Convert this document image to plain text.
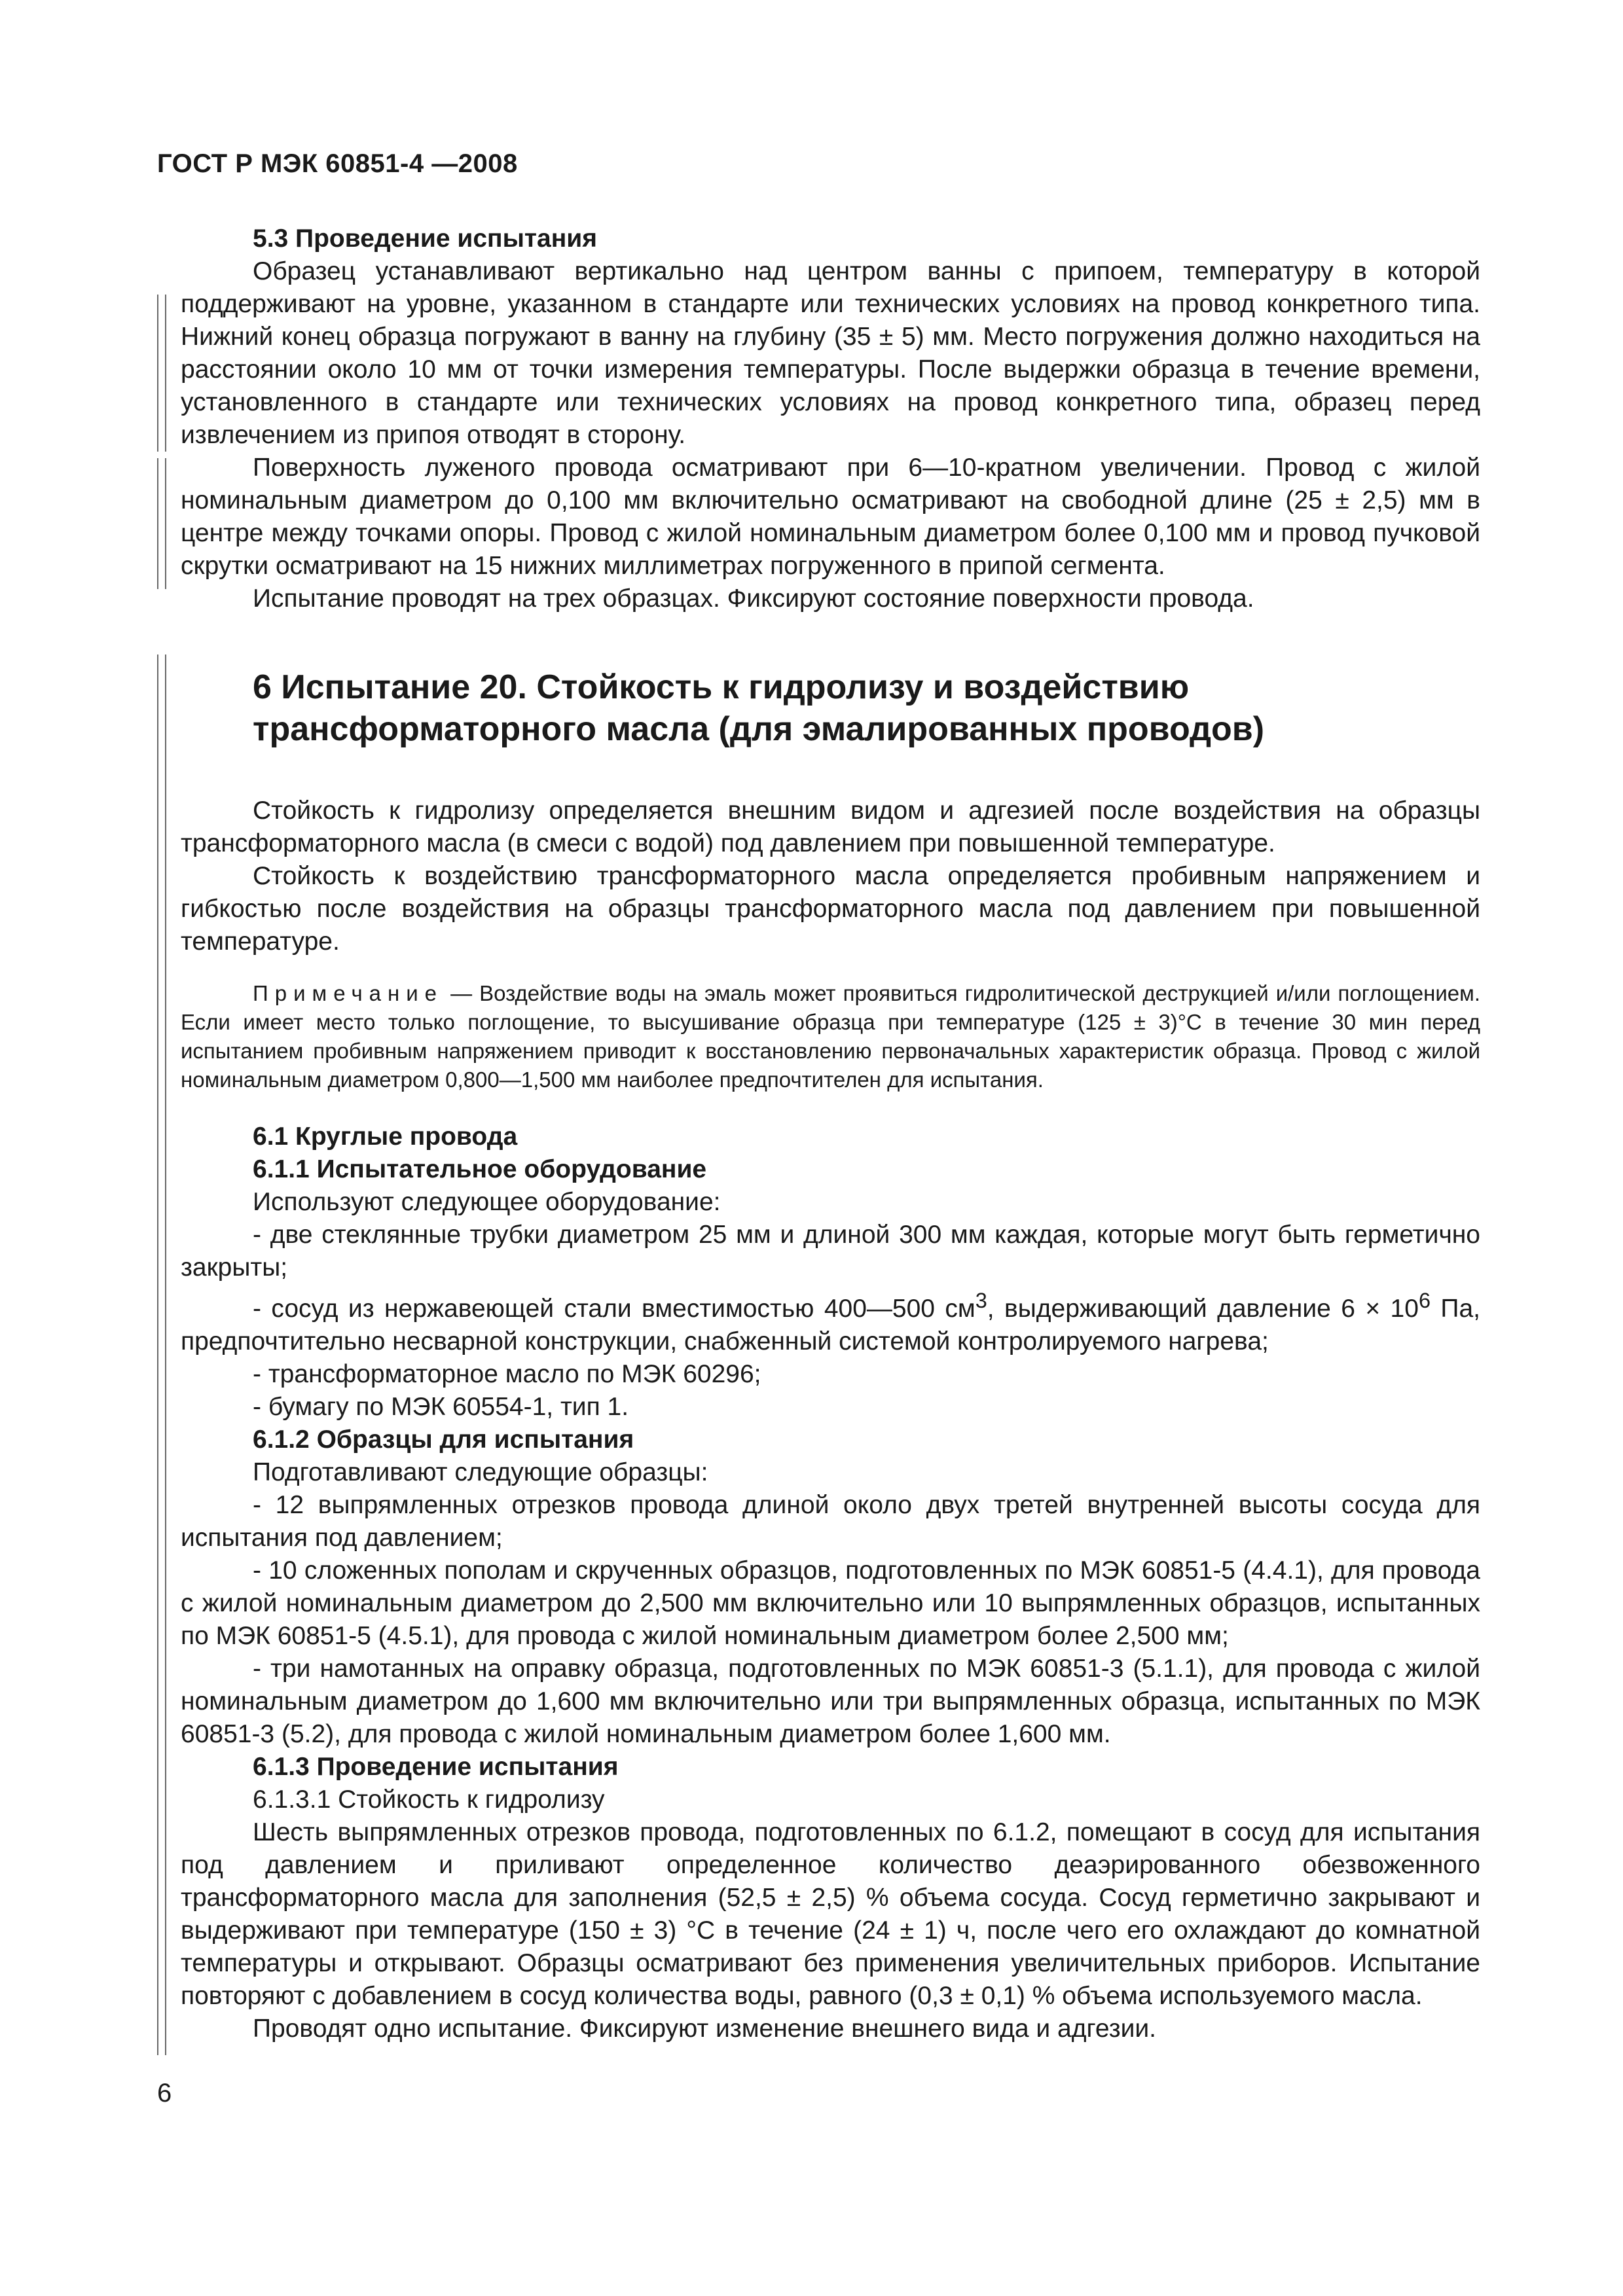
ГОСТ Р МЭК 60851-4 —2008

5.3 Проведение испытания

Образец устанавливают вертикально над центром ванны с припоем, температуру в которой поддерживают на уровне, указанном в стандарте или технических условиях на провод конкретного типа. Нижний конец образца погружают в ванну на глубину (35 ± 5) мм. Место погружения должно находиться на расстоянии около 10 мм от точки измерения температуры. После выдержки образца в течение времени, установленного в стандарте или технических условиях на провод конкретного типа, образец перед извлечением из припоя отводят в сторону.

Поверхность луженого провода осматривают при 6—10-кратном увеличении. Провод с жилой номинальным диаметром до 0,100 мм включительно осматривают на свободной длине (25 ± 2,5) мм в центре между точками опоры. Провод с жилой номинальным диаметром более 0,100 мм и провод пучковой скрутки осматривают на 15 нижних миллиметрах погруженного в припой сегмента.

Испытание проводят на трех образцах. Фиксируют состояние поверхности провода.

6 Испытание 20. Стойкость к гидролизу и воздействию
трансформаторного масла (для эмалированных проводов)

Стойкость к гидролизу определяется внешним видом и адгезией после воздействия на образцы трансформаторного масла (в смеси с водой) под давлением при повышенной температуре.

Стойкость к воздействию трансформаторного масла определяется пробивным напряжением и гибкостью после воздействия на образцы трансформаторного масла под давлением при повышенной температуре.

Примечание — Воздействие воды на эмаль может проявиться гидролитической деструкцией и/или поглощением. Если имеет место только поглощение, то высушивание образца при температуре (125 ± 3)°С в течение 30 мин перед испытанием пробивным напряжением приводит к восстановлению первоначальных характеристик образца. Провод с жилой номинальным диаметром 0,800—1,500 мм наиболее предпочтителен для испытания.

6.1 Круглые провода

6.1.1 Испытательное оборудование

Используют следующее оборудование:

- две стеклянные трубки диаметром 25 мм и длиной 300 мм каждая, которые могут быть герметично закрыты;

- сосуд из нержавеющей стали вместимостью 400—500 $см^3$, выдерживающий давление $6 \times 10^6$ Па, предпочтительно несварной конструкции, снабженный системой контролируемого нагрева;

- трансформаторное масло по МЭК 60296;

- бумагу по МЭК 60554-1, тип 1.

6.1.2 Образцы для испытания

Подготавливают следующие образцы:

- 12 выпрямленных отрезков провода длиной около двух третей внутренней высоты сосуда для испытания под давлением;

- 10 сложенных пополам и скрученных образцов, подготовленных по МЭК 60851-5 (4.4.1), для провода с жилой номинальным диаметром до 2,500 мм включительно или 10 выпрямленных образцов, испытанных по МЭК 60851-5 (4.5.1), для провода с жилой номинальным диаметром более 2,500 мм;

- три намотанных на оправку образца, подготовленных по МЭК 60851-3 (5.1.1), для провода с жилой номинальным диаметром до 1,600 мм включительно или три выпрямленных образца, испытанных по МЭК 60851-3 (5.2), для провода с жилой номинальным диаметром более 1,600 мм.

6.1.3 Проведение испытания

6.1.3.1 Стойкость к гидролизу

Шесть выпрямленных отрезков провода, подготовленных по 6.1.2, помещают в сосуд для испытания под давлением и приливают определенное количество деаэрированного обезвоженного трансформаторного масла для заполнения (52,5 ± 2,5) % объема сосуда. Сосуд герметично закрывают и выдерживают при температуре (150 ± 3) °С в течение (24 ± 1) ч, после чего его охлаждают до комнатной температуры и открывают. Образцы осматривают без применения увеличительных приборов. Испытание повторяют с добавлением в сосуд количества воды, равного (0,3 ± 0,1) % объема используемого масла.

Проводят одно испытание. Фиксируют изменение внешнего вида и адгезии.

6
